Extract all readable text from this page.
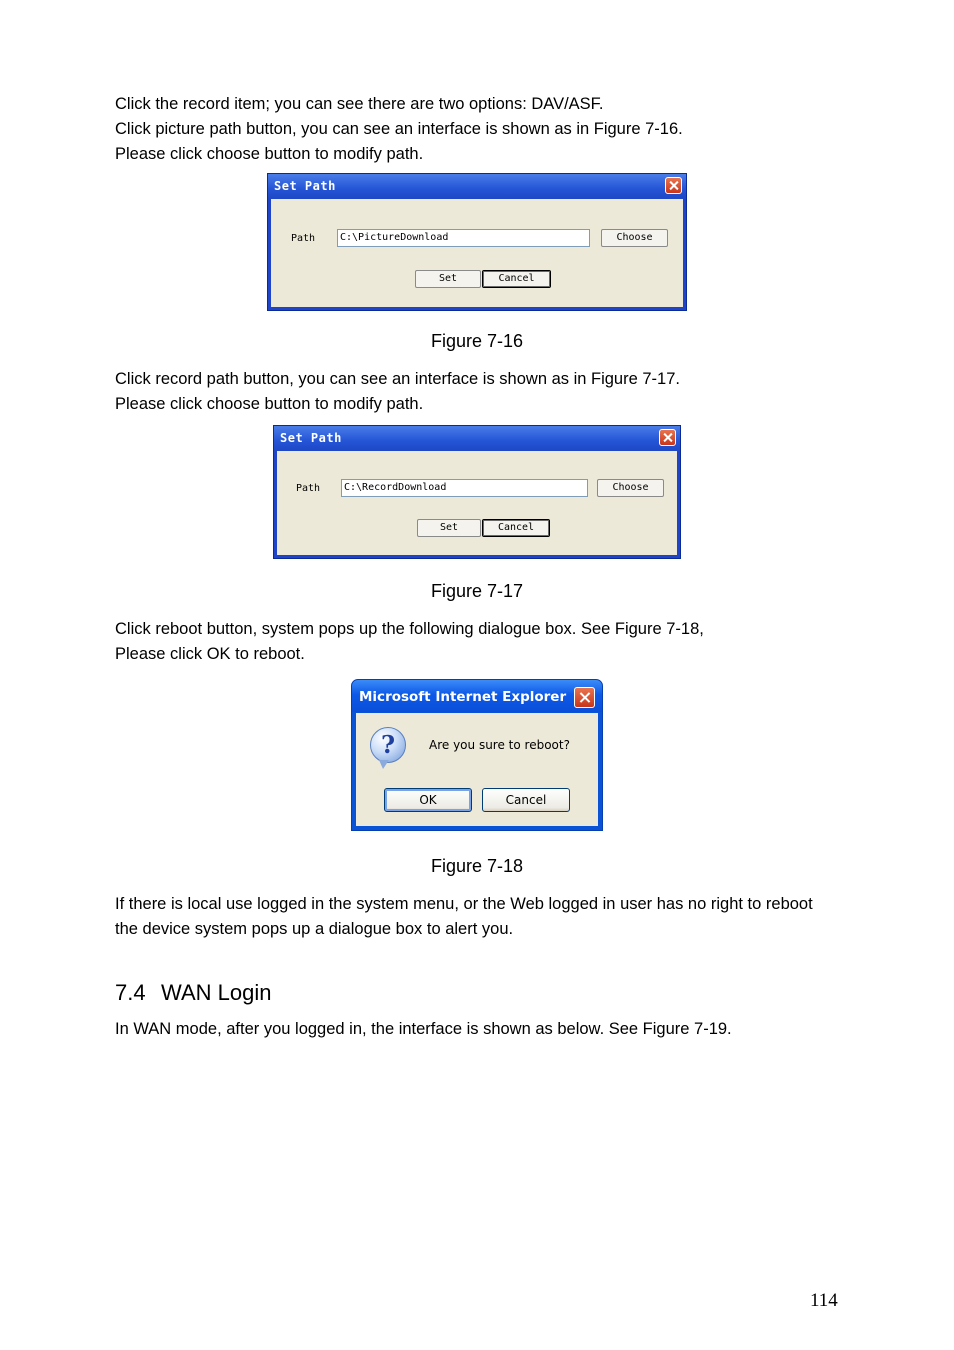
Click the record item; you can see there are two options: DAV/ASF.
Click picture path button, you can see an interface is shown as in Figure 7-16.
Please click choose button to modify path.
Set Path
Path	C:\PictureDownload	Choose
Set	Cancel
Figure 7-16
Click record path button, you can see an interface is shown as in Figure 7-17.
Please click choose button to modify path.
Set Path
Path	C:\RecordDownload	Choose
Set	Cancel
Figure 7-17
Click reboot button, system pops up the following dialogue box. See Figure 7-18,
Please click OK to reboot.
Microsoft Internet Explorer
?	Are you sure to reboot?
OK	Cancel
Figure 7-18
If there is local use logged in the system menu, or the Web logged in user has no right to reboot
the device system pops up a dialogue box to alert you.
7.4 WAN Login
In WAN mode, after you logged in, the interface is shown as below. See Figure 7-19.
114
